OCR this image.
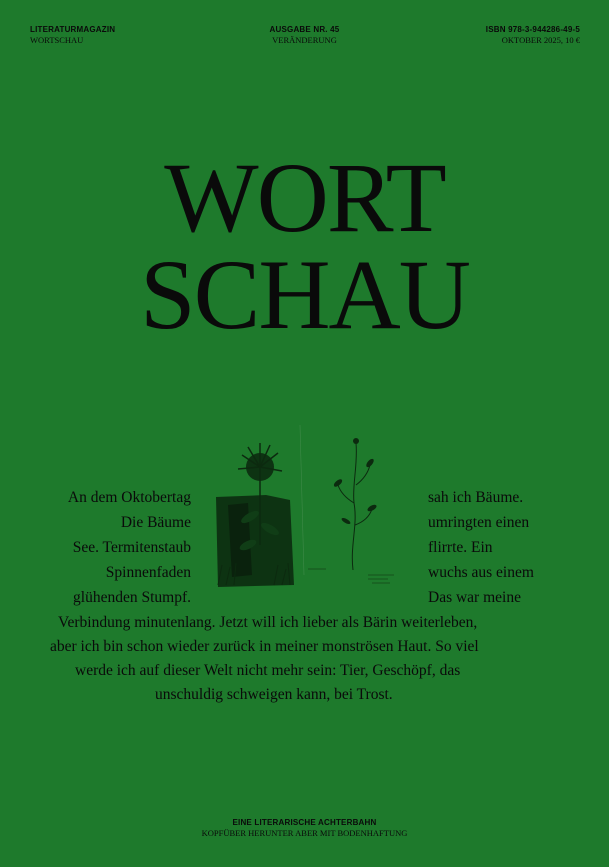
LITERATURMAGAZIN
WORTSCHAU
AUSGABE NR. 45
VERÄNDERUNG
ISBN 978-3-944286-49-5
OKTOBER 2025, 10 €
WORT
SCHAU
An dem Oktobertag
Die Bäume
See. Termitenstaub
Spinnenfaden
glühenden Stumpf.
sah ich Bäume.
umringten einen
flirrte. Ein
wuchs aus einem
Das war meine
Verbindung minutenlang. Jetzt will ich lieber als Bärin weiterleben,
aber ich bin schon wieder zurück in meiner monströsen Haut. So viel
werde ich auf dieser Welt nicht mehr sein: Tier, Geschöpf, das
unschuldig schweigen kann, bei Trost.
EINE LITERARISCHE ACHTERBAHN
KOPFÜBER HERUNTER ABER MIT BODENHAFTUNG
